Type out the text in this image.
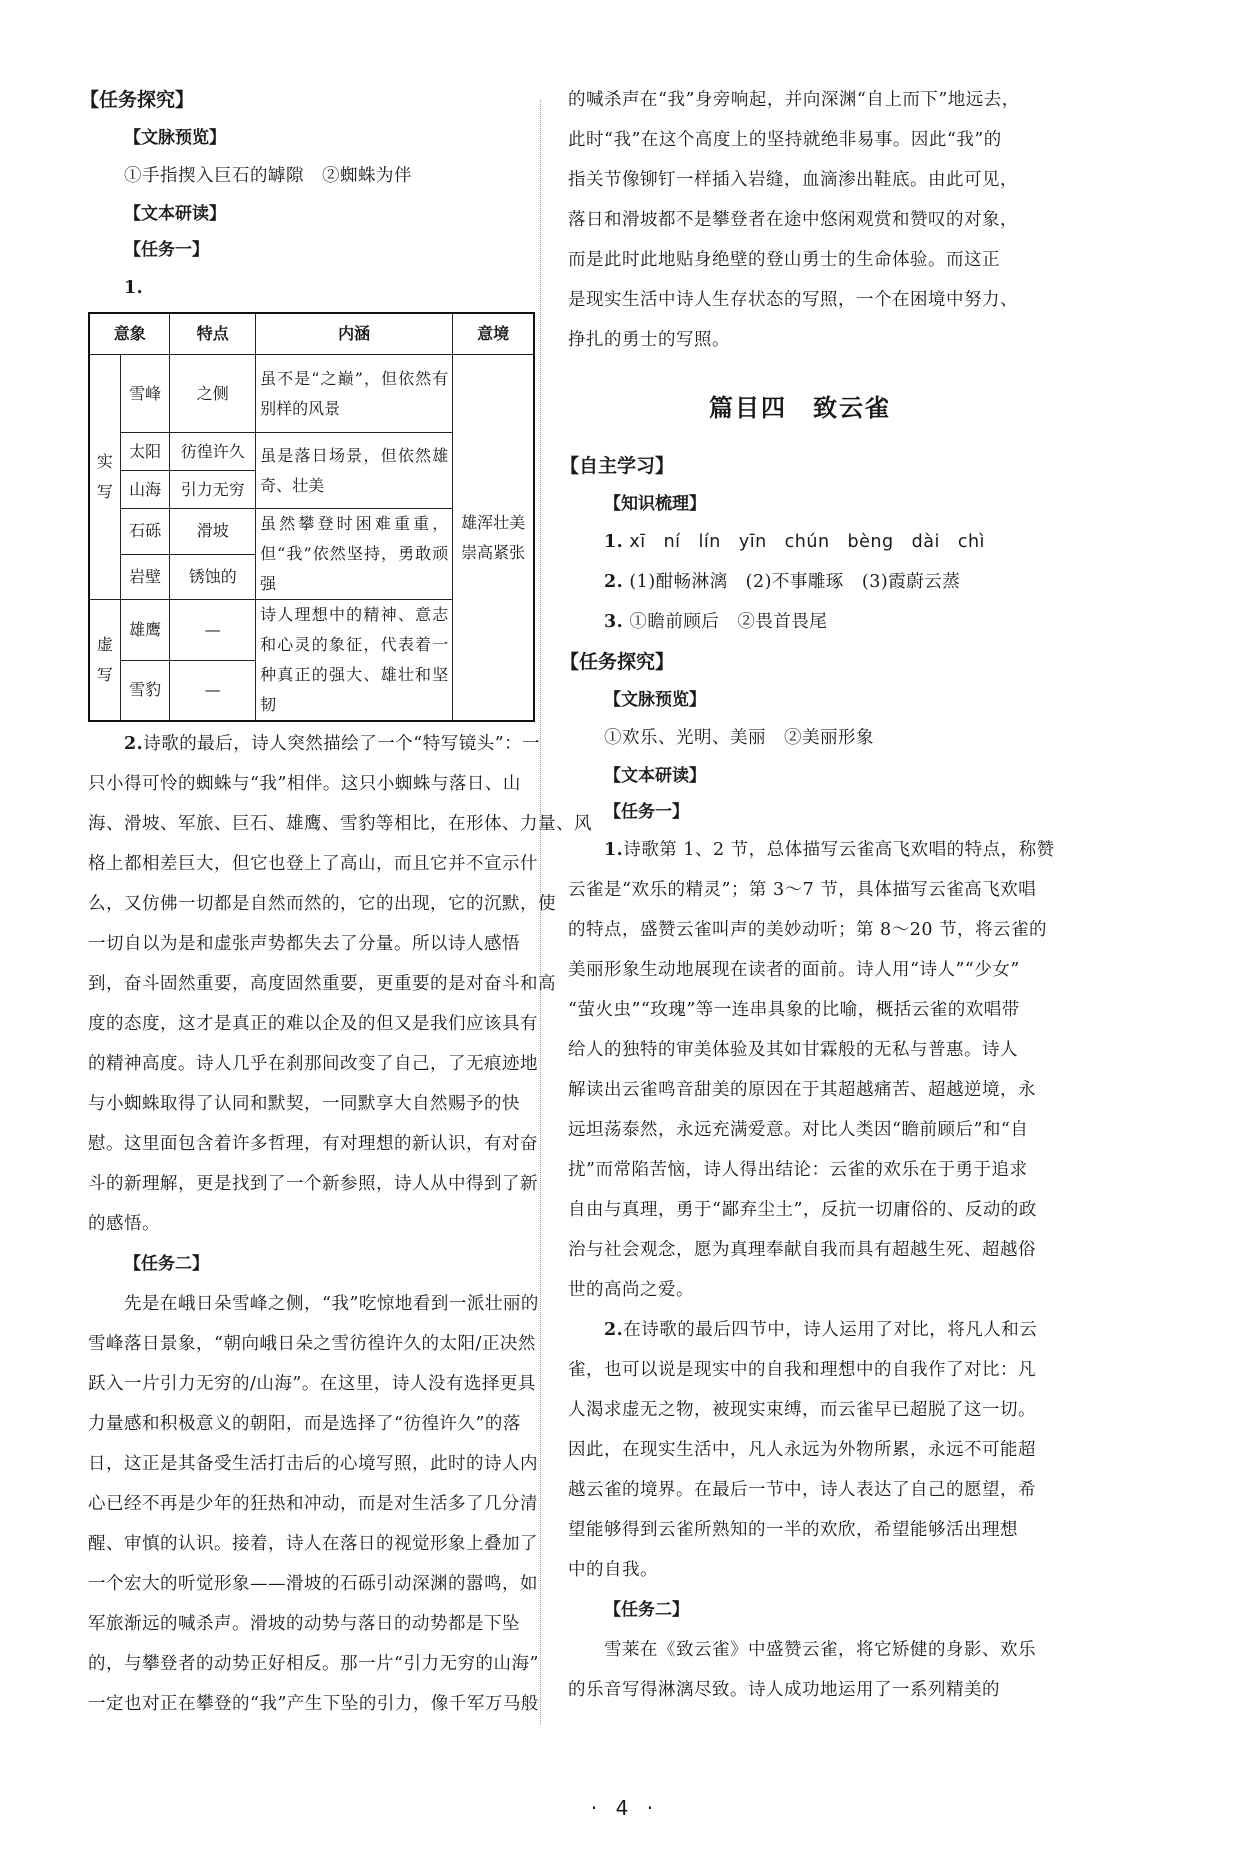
【任务探究】
【文脉预览】
①手指揳入巨石的罅隙　②蜘蛛为伴
【文本研读】
【任务一】
1.
意象		特点	内涵	意境
实写	雪峰	之侧	虽不是“之巅”，但依然有别样的风景	雄浑壮美崇高紧张
	太阳	彷徨许久	虽是落日场景，但依然雄奇、壮美	
	山海	引力无穷		
	石砾	滑坡	虽然攀登时困难重重，但“我”依然坚持，勇敢顽强	
	岩壁	锈蚀的		
虚写	雄鹰	—	诗人理想中的精神、意志和心灵的象征，代表着一种真正的强大、雄壮和坚韧	
	雪豹	—		
2.诗歌的最后，诗人突然描绘了一个“特写镜头”：一
只小得可怜的蜘蛛与“我”相伴。这只小蜘蛛与落日、山
海、滑坡、军旅、巨石、雄鹰、雪豹等相比，在形体、力量、风
格上都相差巨大，但它也登上了高山，而且它并不宣示什
么，又仿佛一切都是自然而然的，它的出现，它的沉默，使
一切自以为是和虚张声势都失去了分量。所以诗人感悟
到，奋斗固然重要，高度固然重要，更重要的是对奋斗和高
度的态度，这才是真正的难以企及的但又是我们应该具有
的精神高度。诗人几乎在刹那间改变了自己，了无痕迹地
与小蜘蛛取得了认同和默契，一同默享大自然赐予的快
慰。这里面包含着许多哲理，有对理想的新认识，有对奋
斗的新理解，更是找到了一个新参照，诗人从中得到了新
的感悟。
【任务二】
先是在峨日朵雪峰之侧，“我”吃惊地看到一派壮丽的
雪峰落日景象，“朝向峨日朵之雪彷徨许久的太阳/正决然
跃入一片引力无穷的/山海”。在这里，诗人没有选择更具
力量感和积极意义的朝阳，而是选择了“彷徨许久”的落
日，这正是其备受生活打击后的心境写照，此时的诗人内
心已经不再是少年的狂热和冲动，而是对生活多了几分清
醒、审慎的认识。接着，诗人在落日的视觉形象上叠加了
一个宏大的听觉形象——滑坡的石砾引动深渊的嚣鸣，如
军旅渐远的喊杀声。滑坡的动势与落日的动势都是下坠
的，与攀登者的动势正好相反。那一片“引力无穷的山海”
一定也对正在攀登的“我”产生下坠的引力，像千军万马般
的喊杀声在“我”身旁响起，并向深渊“自上而下”地远去，
此时“我”在这个高度上的坚持就绝非易事。因此“我”的
指关节像铆钉一样插入岩缝，血滴渗出鞋底。由此可见，
落日和滑坡都不是攀登者在途中悠闲观赏和赞叹的对象，
而是此时此地贴身绝壁的登山勇士的生命体验。而这正
是现实生活中诗人生存状态的写照，一个在困境中努力、
挣扎的勇士的写照。
篇目四　致云雀
【自主学习】
【知识梳理】
1. xī　ní　lín　yīn　chún　bèng　dài　chì
2. (1)酣畅淋漓　(2)不事雕琢　(3)霞蔚云蒸
3. ①瞻前顾后　②畏首畏尾
【任务探究】
【文脉预览】
①欢乐、光明、美丽　②美丽形象
【文本研读】
【任务一】
1.诗歌第 1、2 节，总体描写云雀高飞欢唱的特点，称赞
云雀是“欢乐的精灵”；第 3～7 节，具体描写云雀高飞欢唱
的特点，盛赞云雀叫声的美妙动听；第 8～20 节，将云雀的
美丽形象生动地展现在读者的面前。诗人用“诗人”“少女”
“萤火虫”“玫瑰”等一连串具象的比喻，概括云雀的欢唱带
给人的独特的审美体验及其如甘霖般的无私与普惠。诗人
解读出云雀鸣音甜美的原因在于其超越痛苦、超越逆境，永
远坦荡泰然，永远充满爱意。对比人类因“瞻前顾后”和“自
扰”而常陷苦恼，诗人得出结论：云雀的欢乐在于勇于追求
自由与真理，勇于“鄙弃尘土”，反抗一切庸俗的、反动的政
治与社会观念，愿为真理奉献自我而具有超越生死、超越俗
世的高尚之爱。
2.在诗歌的最后四节中，诗人运用了对比，将凡人和云
雀，也可以说是现实中的自我和理想中的自我作了对比：凡
人渴求虚无之物，被现实束缚，而云雀早已超脱了这一切。
因此，在现实生活中，凡人永远为外物所累，永远不可能超
越云雀的境界。在最后一节中，诗人表达了自己的愿望，希
望能够得到云雀所熟知的一半的欢欣，希望能够活出理想
中的自我。
【任务二】
雪莱在《致云雀》中盛赞云雀，将它矫健的身影、欢乐
的乐音写得淋漓尽致。诗人成功地运用了一系列精美的
· 4 ·
